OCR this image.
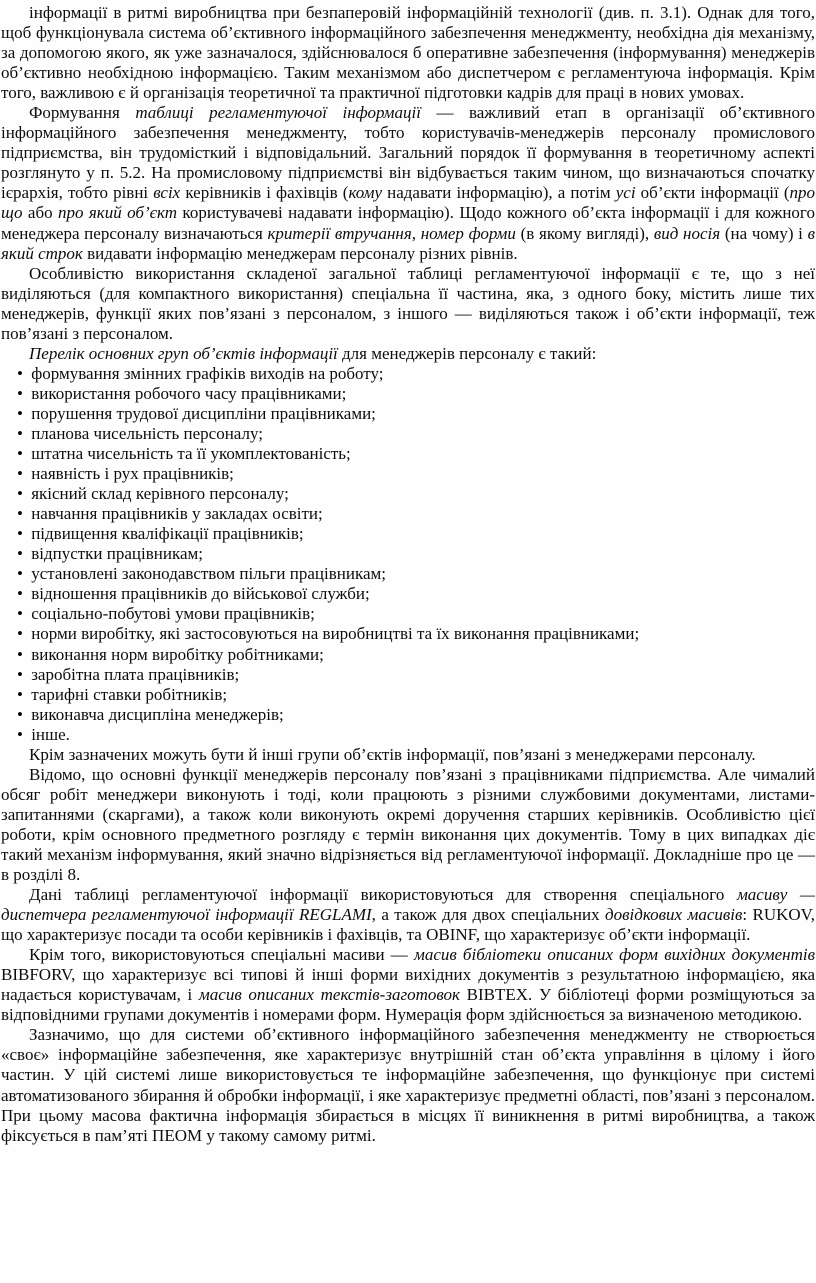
інформації в ритмі виробництва при безпаперовій інформаційній технології (див. п. 3.1). Однак для того, щоб функціонувала система об’єктивного інформаційного забезпечення менеджменту, необхідна дія механізму, за допомогою якого, як уже зазначалося, здійснювалося б оперативне забезпечення (інформування) менеджерів об’єктивно необхідною інформацією. Таким механізмом або диспетчером є регламентуюча інформація. Крім того, важливою є й організація теоретичної та практичної підготовки кадрів для праці в нових умовах.

Формування таблиці регламентуючої інформації — важливий етап в організації об’єктивного інформаційного забезпечення менеджменту, тобто користувачів-менеджерів персоналу промислового підприємства, він трудомісткий і відповідальний. Загальний порядок її формування в теоретичному аспекті розглянуто у п. 5.2. На промисловому підприємстві він відбувається таким чином, що визначаються спочатку ієрархія, тобто рівні всіх керівників і фахівців (кому надавати інформацію), а потім усі об’єкти інформації (про що або про який об’єкт користувачеві надавати інформацію). Щодо кожного об’єкта інформації і для кожного менеджера персоналу визначаються критерії втручання, номер форми (в якому вигляді), вид носія (на чому) і в який строк видавати інформацію менеджерам персоналу різних рівнів.

Особливістю використання складеної загальної таблиці регламентуючої інформації є те, що з неї виділяються (для компактного використання) спеціальна її частина, яка, з одного боку, містить лише тих менеджерів, функції яких пов’язані з персоналом, з іншого — виділяються також і об’єкти інформації, теж пов’язані з персоналом.

Перелік основних груп об’єктів інформації для менеджерів персоналу є такий:

• формування змінних графіків виходів на роботу;

• використання робочого часу працівниками;

• порушення трудової дисципліни працівниками;

• планова чисельність персоналу;

• штатна чисельність та її укомплектованість;

• наявність і рух працівників;

• якісний склад керівного персоналу;

• навчання працівників у закладах освіти;

• підвищення кваліфікації працівників;

• відпустки працівникам;

• установлені законодавством пільги працівникам;

• відношення працівників до військової служби;

• соціально-побутові умови працівників;

• норми виробітку, які застосовуються на виробництві та їх виконання працівниками;

• виконання норм виробітку робітниками;

• заробітна плата працівників;

• тарифні ставки робітників;

• виконавча дисципліна менеджерів;

• інше.

Крім зазначених можуть бути й інші групи об’єктів інформації, пов’язані з менеджерами персоналу.

Відомо, що основні функції менеджерів персоналу пов’язані з працівниками підприємства. Але чималий обсяг робіт менеджери виконують і тоді, коли працюють з різними службовими документами, листами-запитаннями (скаргами), а також коли виконують окремі доручення старших керівників. Особливістю цієї роботи, крім основного предметного розгляду є термін виконання цих документів. Тому в цих випадках діє такий механізм інформування, який значно відрізняється від регламентуючої інформації. Докладніше про це — в розділі 8.

Дані таблиці регламентуючої інформації використовуються для створення спеціального масиву — диспетчера регламентуючої інформації REGLAMI, а також для двох спеціальних довідкових масивів: RUKOV, що характеризує посади та особи керівників і фахівців, та OBINF, що характеризує об’єкти інформації.

Крім того, використовуються спеціальні масиви — масив бібліотеки описаних форм вихідних документів BIBFORV, що характеризує всі типові й інші форми вихідних документів з результатною інформацією, яка надається користувачам, і масив описаних текстів-заготовок BIBTEX. У бібліотеці форми розміщуються за відповідними групами документів і номерами форм. Нумерація форм здійснюється за визначеною методикою.

Зазначимо, що для системи об’єктивного інформаційного забезпечення менеджменту не створюється «своє» інформаційне забезпечення, яке характеризує внутрішній стан об’єкта управління в цілому і його частин. У цій системі лише використовується те інформаційне забезпечення, що функціонує при системі автоматизованого збирання й обробки інформації, і яке характеризує предметні області, пов’язані з персоналом. При цьому масова фактична інформація збирається в місцях її виникнення в ритмі виробництва, а також фіксується в пам’яті ПЕОМ у такому самому ритмі.
